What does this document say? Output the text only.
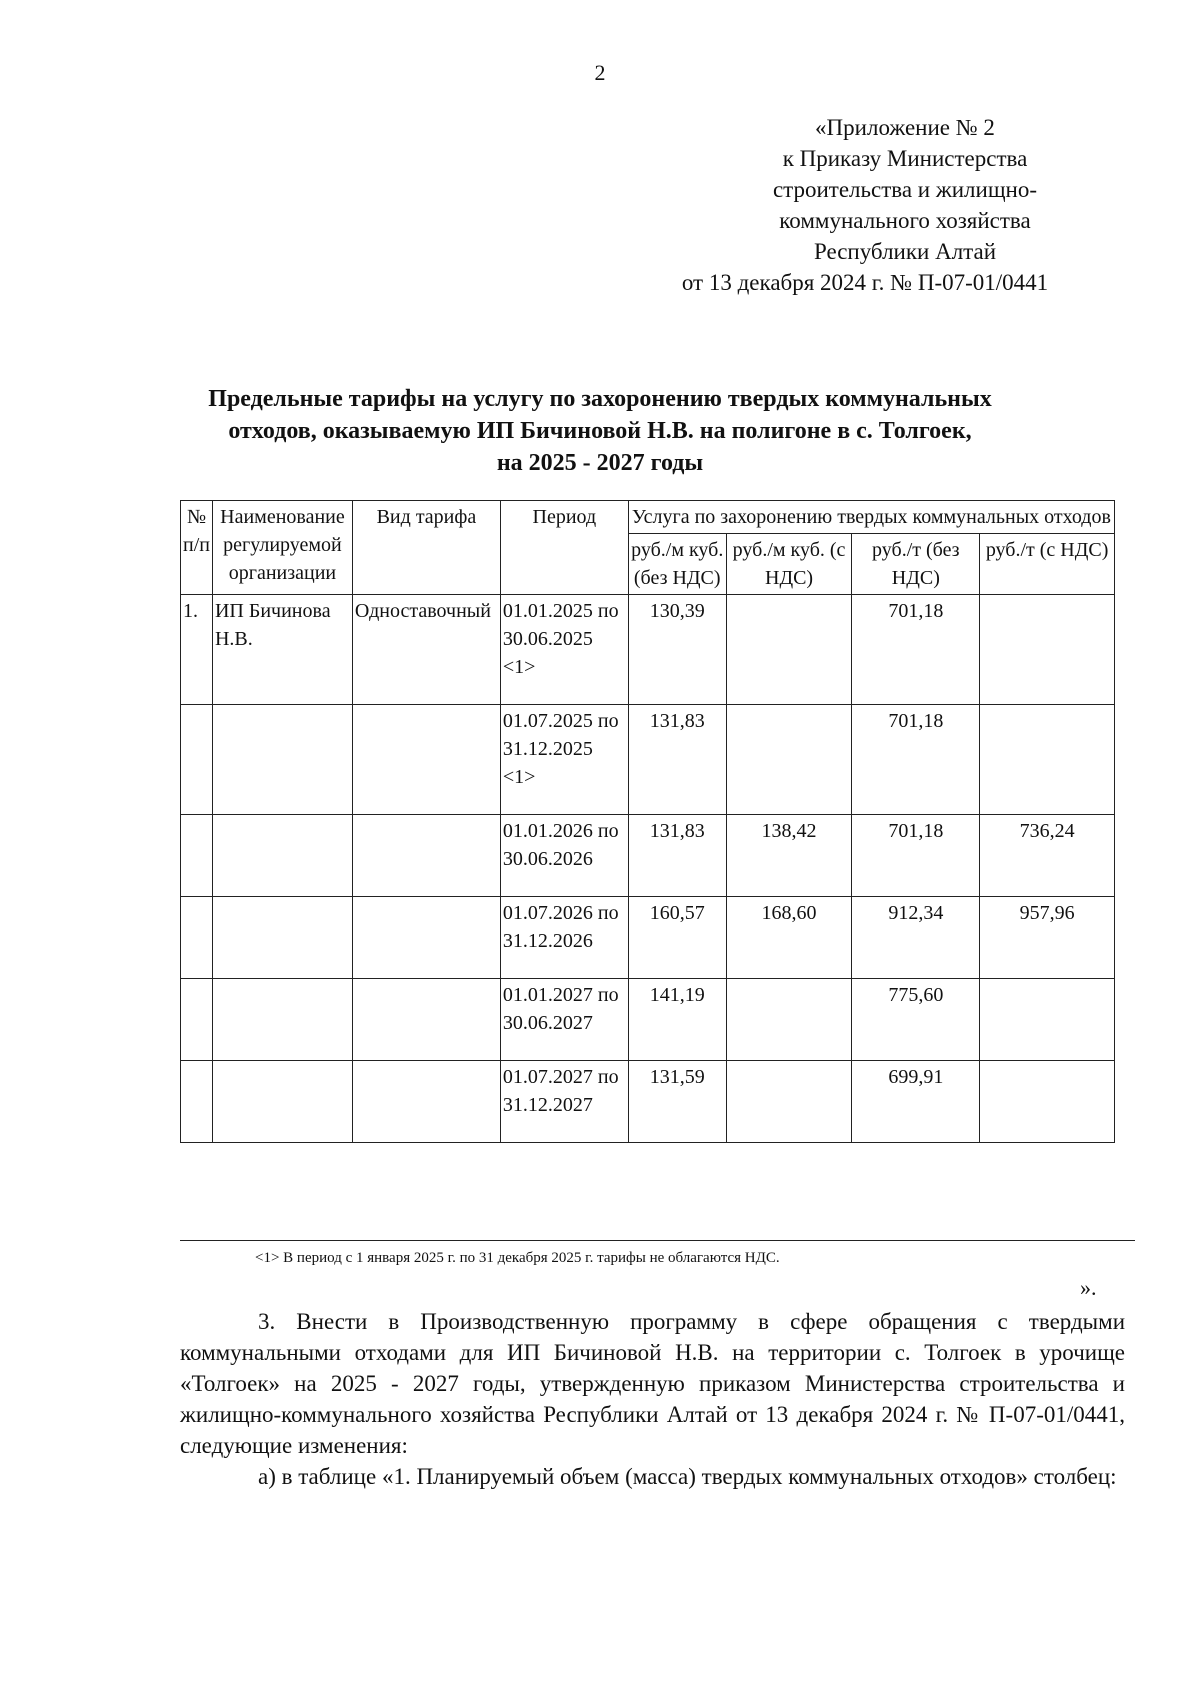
2
«Приложение № 2
к Приказу Министерства
строительства и жилищно-
коммунального хозяйства
Республики Алтай
от 13 декабря 2024 г. № П-07-01/0441
Предельные тарифы на услугу по захоронению твердых коммунальных
отходов, оказываемую ИП Бичиновой Н.В. на полигоне в с. Толгоек,
на 2025 - 2027 годы
№ п/п	Наименование регулируемой организации	Вид тарифа	Период	Услуга по захоронению твердых коммунальных отходов			
				руб./м куб. (без НДС)	руб./м куб. (с НДС)	руб./т (без НДС)	руб./т (с НДС)
1.	ИП Бичинова Н.В.	Одноставочный	01.01.2025 по 30.06.2025 <1>	130,39		701,18	
			01.07.2025 по 31.12.2025 <1>	131,83		701,18	
			01.01.2026 по 30.06.2026	131,83	138,42	701,18	736,24
			01.07.2026 по 31.12.2026	160,57	168,60	912,34	957,96
			01.01.2027 по 30.06.2027	141,19		775,60	
			01.07.2027 по 31.12.2027	131,59		699,91	
<1> В период с 1 января 2025 г. по 31 декабря 2025 г. тарифы не облагаются НДС.
».
3. Внести в Производственную программу в сфере обращения с твердыми коммунальными отходами для ИП Бичиновой Н.В. на территории с. Толгоек в урочище «Толгоек» на 2025 - 2027 годы, утвержденную приказом Министерства строительства и жилищно-коммунального хозяйства Республики Алтай от 13 декабря 2024 г. № П-07-01/0441, следующие изменения:
а) в таблице «1. Планируемый объем (масса) твердых коммунальных отходов» столбец:
